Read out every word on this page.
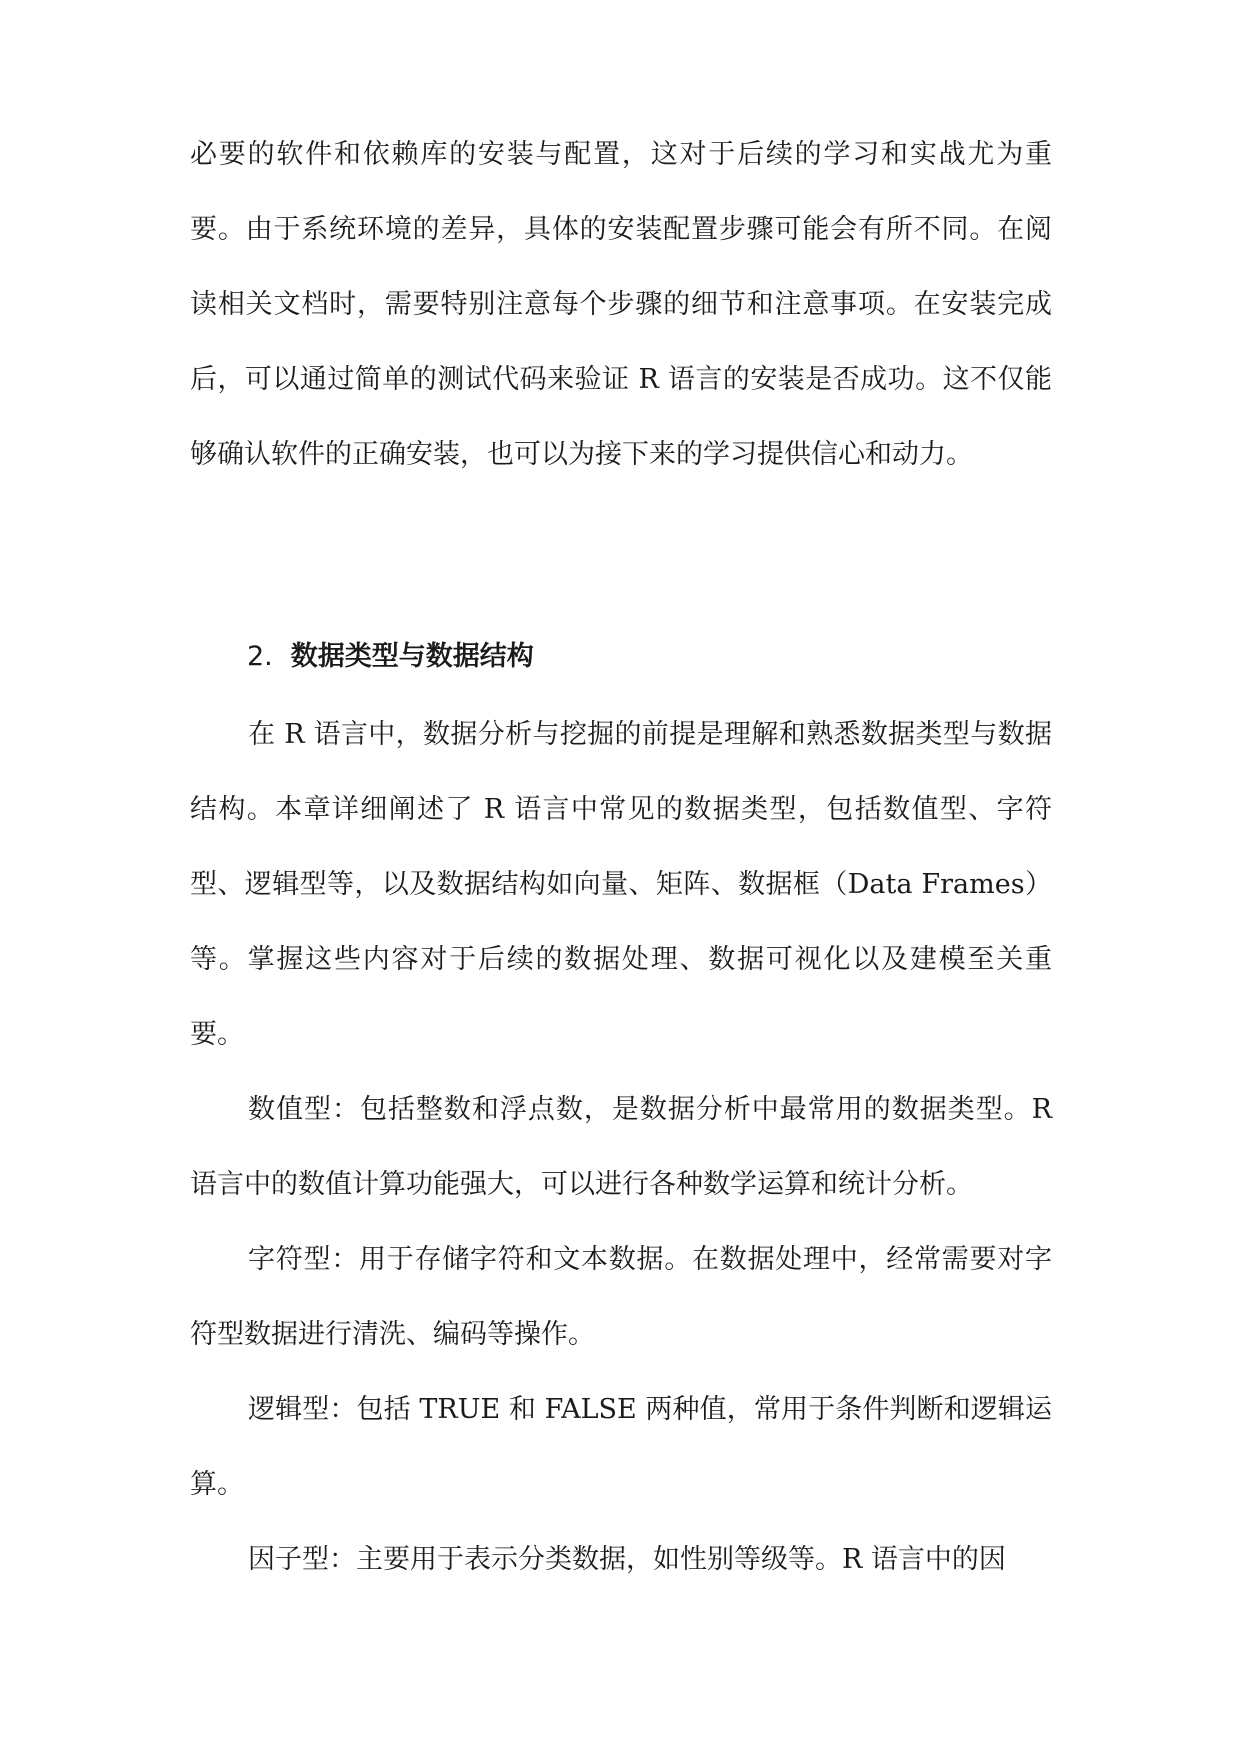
必要的软件和依赖库的安装与配置，这对于后续的学习和实战尤为重要。由于系统环境的差异，具体的安装配置步骤可能会有所不同。在阅读相关文档时，需要特别注意每个步骤的细节和注意事项。在安装完成后，可以通过简单的测试代码来验证 R 语言的安装是否成功。这不仅能够确认软件的正确安装，也可以为接下来的学习提供信心和动力。

2. 数据类型与数据结构

在 R 语言中，数据分析与挖掘的前提是理解和熟悉数据类型与数据结构。本章详细阐述了 R 语言中常见的数据类型，包括数值型、字符型、逻辑型等，以及数据结构如向量、矩阵、数据框（Data Frames）等。掌握这些内容对于后续的数据处理、数据可视化以及建模至关重要。

数值型：包括整数和浮点数，是数据分析中最常用的数据类型。R 语言中的数值计算功能强大，可以进行各种数学运算和统计分析。

字符型：用于存储字符和文本数据。在数据处理中，经常需要对字符型数据进行清洗、编码等操作。

逻辑型：包括 TRUE 和 FALSE 两种值，常用于条件判断和逻辑运算。

因子型：主要用于表示分类数据，如性别等级等。R 语言中的因
